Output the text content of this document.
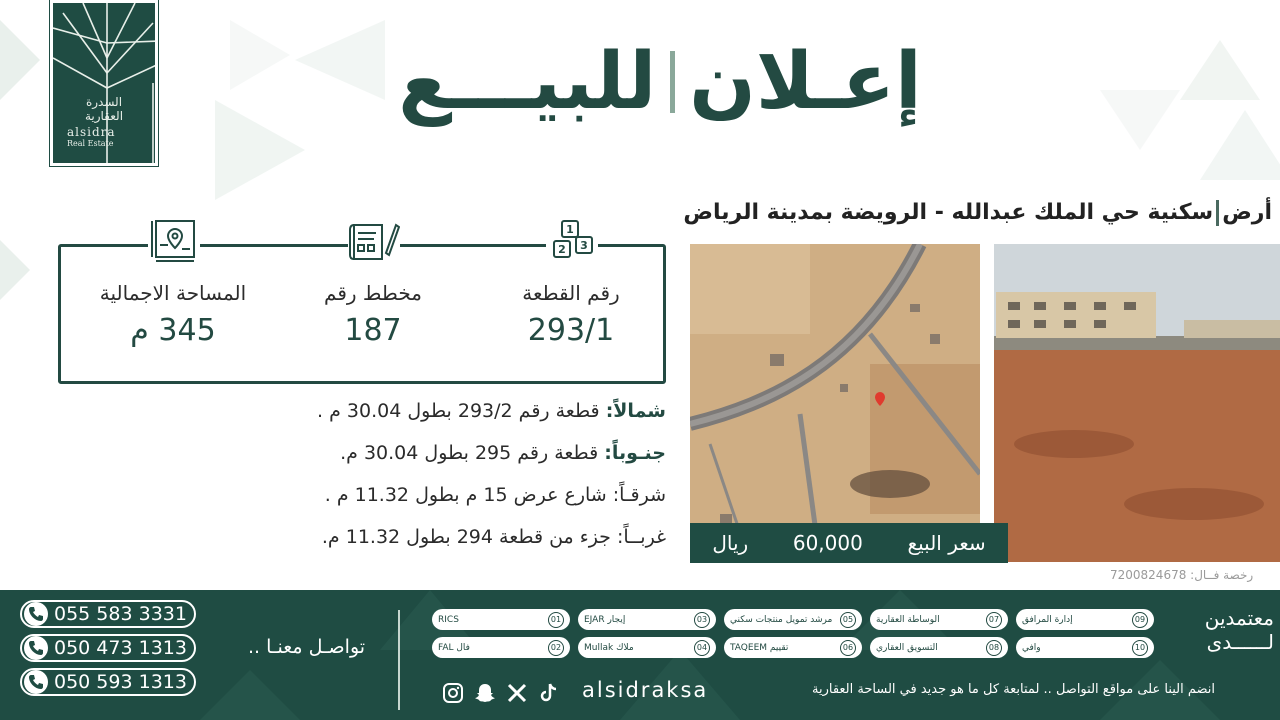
السدرة
العقارية
alsidra
Real Estate
إعـلان
للبيـــع
أرضسكنية حي الملك عبدالله - الرويضة بمدينة الرياض
1
2 3
رقم القطعة
293/1
مخطط رقم
187
المساحة الاجمالية
345 م
شمالاً: قطعة رقم 293/2 بطول 30.04 م .
جنـوباً: قطعة رقم 295 بطول 30.04 م.
شرقـاً: شارع عرض 15 م بطول 11.32 م .
غربــاً: جزء من قطعة 294 بطول 11.32 م.	سعر البيع
60,000
ريال
رخصة فــال: 7200824678
055 583 3331
050 473 1313
050 593 1313
تواصـل معنـا ..
إدارة المرافق	09
الوساطة العقارية	07
مرشد تمويل منتجات سكني	05
إيجار EJAR	03
RICS	01
وافي	10
التسويق العقاري	08
تقييم TAQEEM	06
ملاك Mullak	04
فال FAL	02
معتمدين
لــــــدى
alsidraksa	انضم الينا على مواقع التواصل .. لمتابعة كل ما هو جديد في الساحة العقارية
